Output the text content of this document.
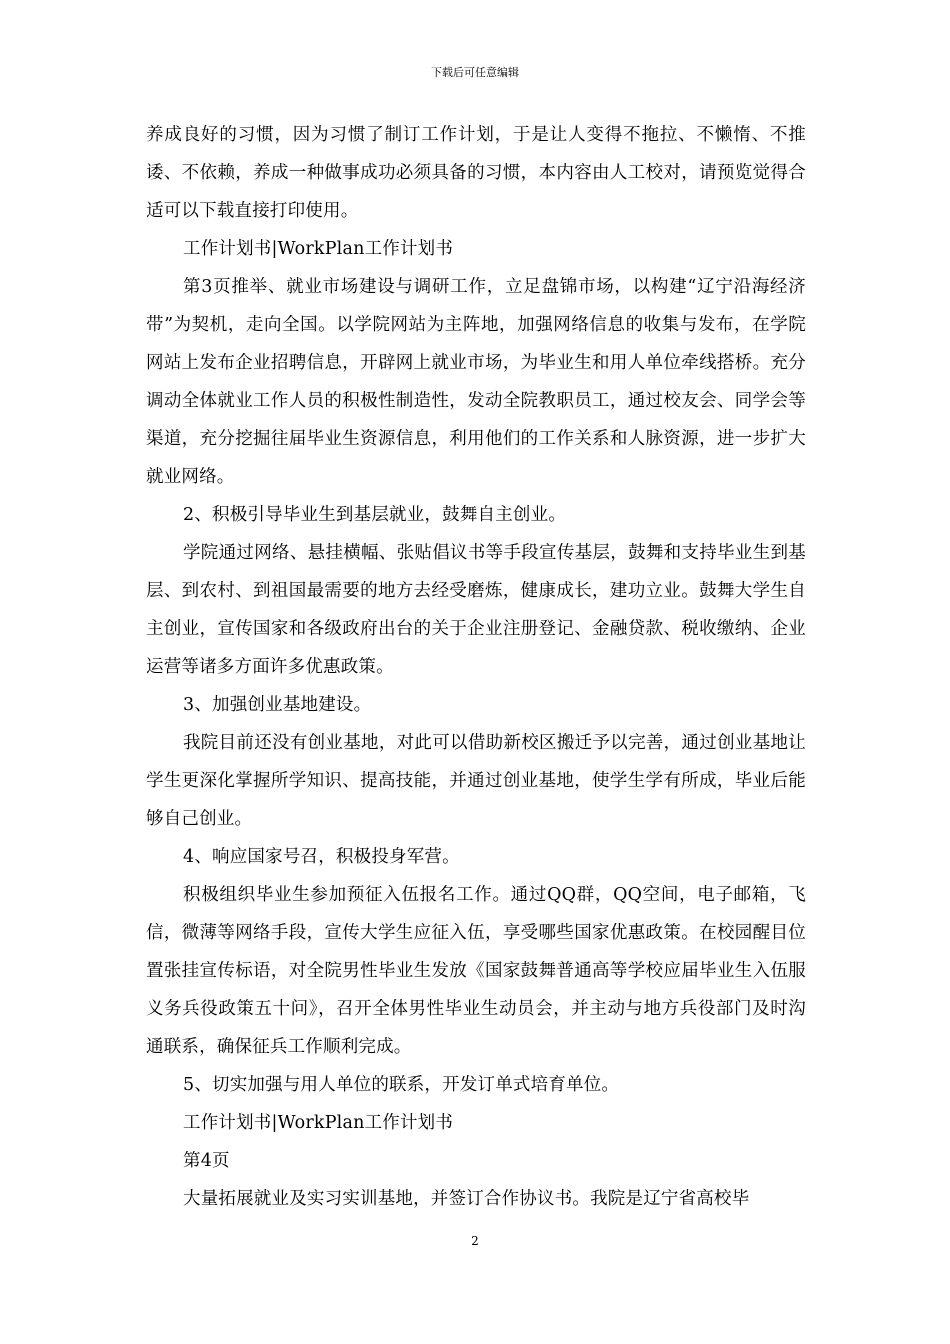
下载后可任意编辑

养成良好的习惯，因为习惯了制订工作计划，于是让人变得不拖拉、不懒惰、不推诿、不依赖，养成一种做事成功必须具备的习惯，本内容由人工校对，请预览觉得合适可以下载直接打印使用。

工作计划书|WorkPlan工作计划书

第3页推举、就业市场建设与调研工作，立足盘锦市场，以构建“辽宁沿海经济带”为契机，走向全国。以学院网站为主阵地，加强网络信息的收集与发布，在学院网站上发布企业招聘信息，开辟网上就业市场，为毕业生和用人单位牵线搭桥。充分调动全体就业工作人员的积极性制造性，发动全院教职员工，通过校友会、同学会等渠道，充分挖掘往届毕业生资源信息，利用他们的工作关系和人脉资源，进一步扩大就业网络。

2、积极引导毕业生到基层就业，鼓舞自主创业。

学院通过网络、悬挂横幅、张贴倡议书等手段宣传基层，鼓舞和支持毕业生到基层、到农村、到祖国最需要的地方去经受磨炼，健康成长，建功立业。鼓舞大学生自主创业，宣传国家和各级政府出台的关于企业注册登记、金融贷款、税收缴纳、企业运营等诸多方面许多优惠政策。

3、加强创业基地建设。

我院目前还没有创业基地，对此可以借助新校区搬迁予以完善，通过创业基地让学生更深化掌握所学知识、提高技能，并通过创业基地，使学生学有所成，毕业后能够自己创业。

4、响应国家号召，积极投身军营。

积极组织毕业生参加预征入伍报名工作。通过QQ群，QQ空间，电子邮箱，飞信，微薄等网络手段，宣传大学生应征入伍，享受哪些国家优惠政策。在校园醒目位置张挂宣传标语，对全院男性毕业生发放《国家鼓舞普通高等学校应届毕业生入伍服义务兵役政策五十问》，召开全体男性毕业生动员会，并主动与地方兵役部门及时沟通联系，确保征兵工作顺利完成。

5、切实加强与用人单位的联系，开发订单式培育单位。

工作计划书|WorkPlan工作计划书

第4页

大量拓展就业及实习实训基地，并签订合作协议书。我院是辽宁省高校毕

2
